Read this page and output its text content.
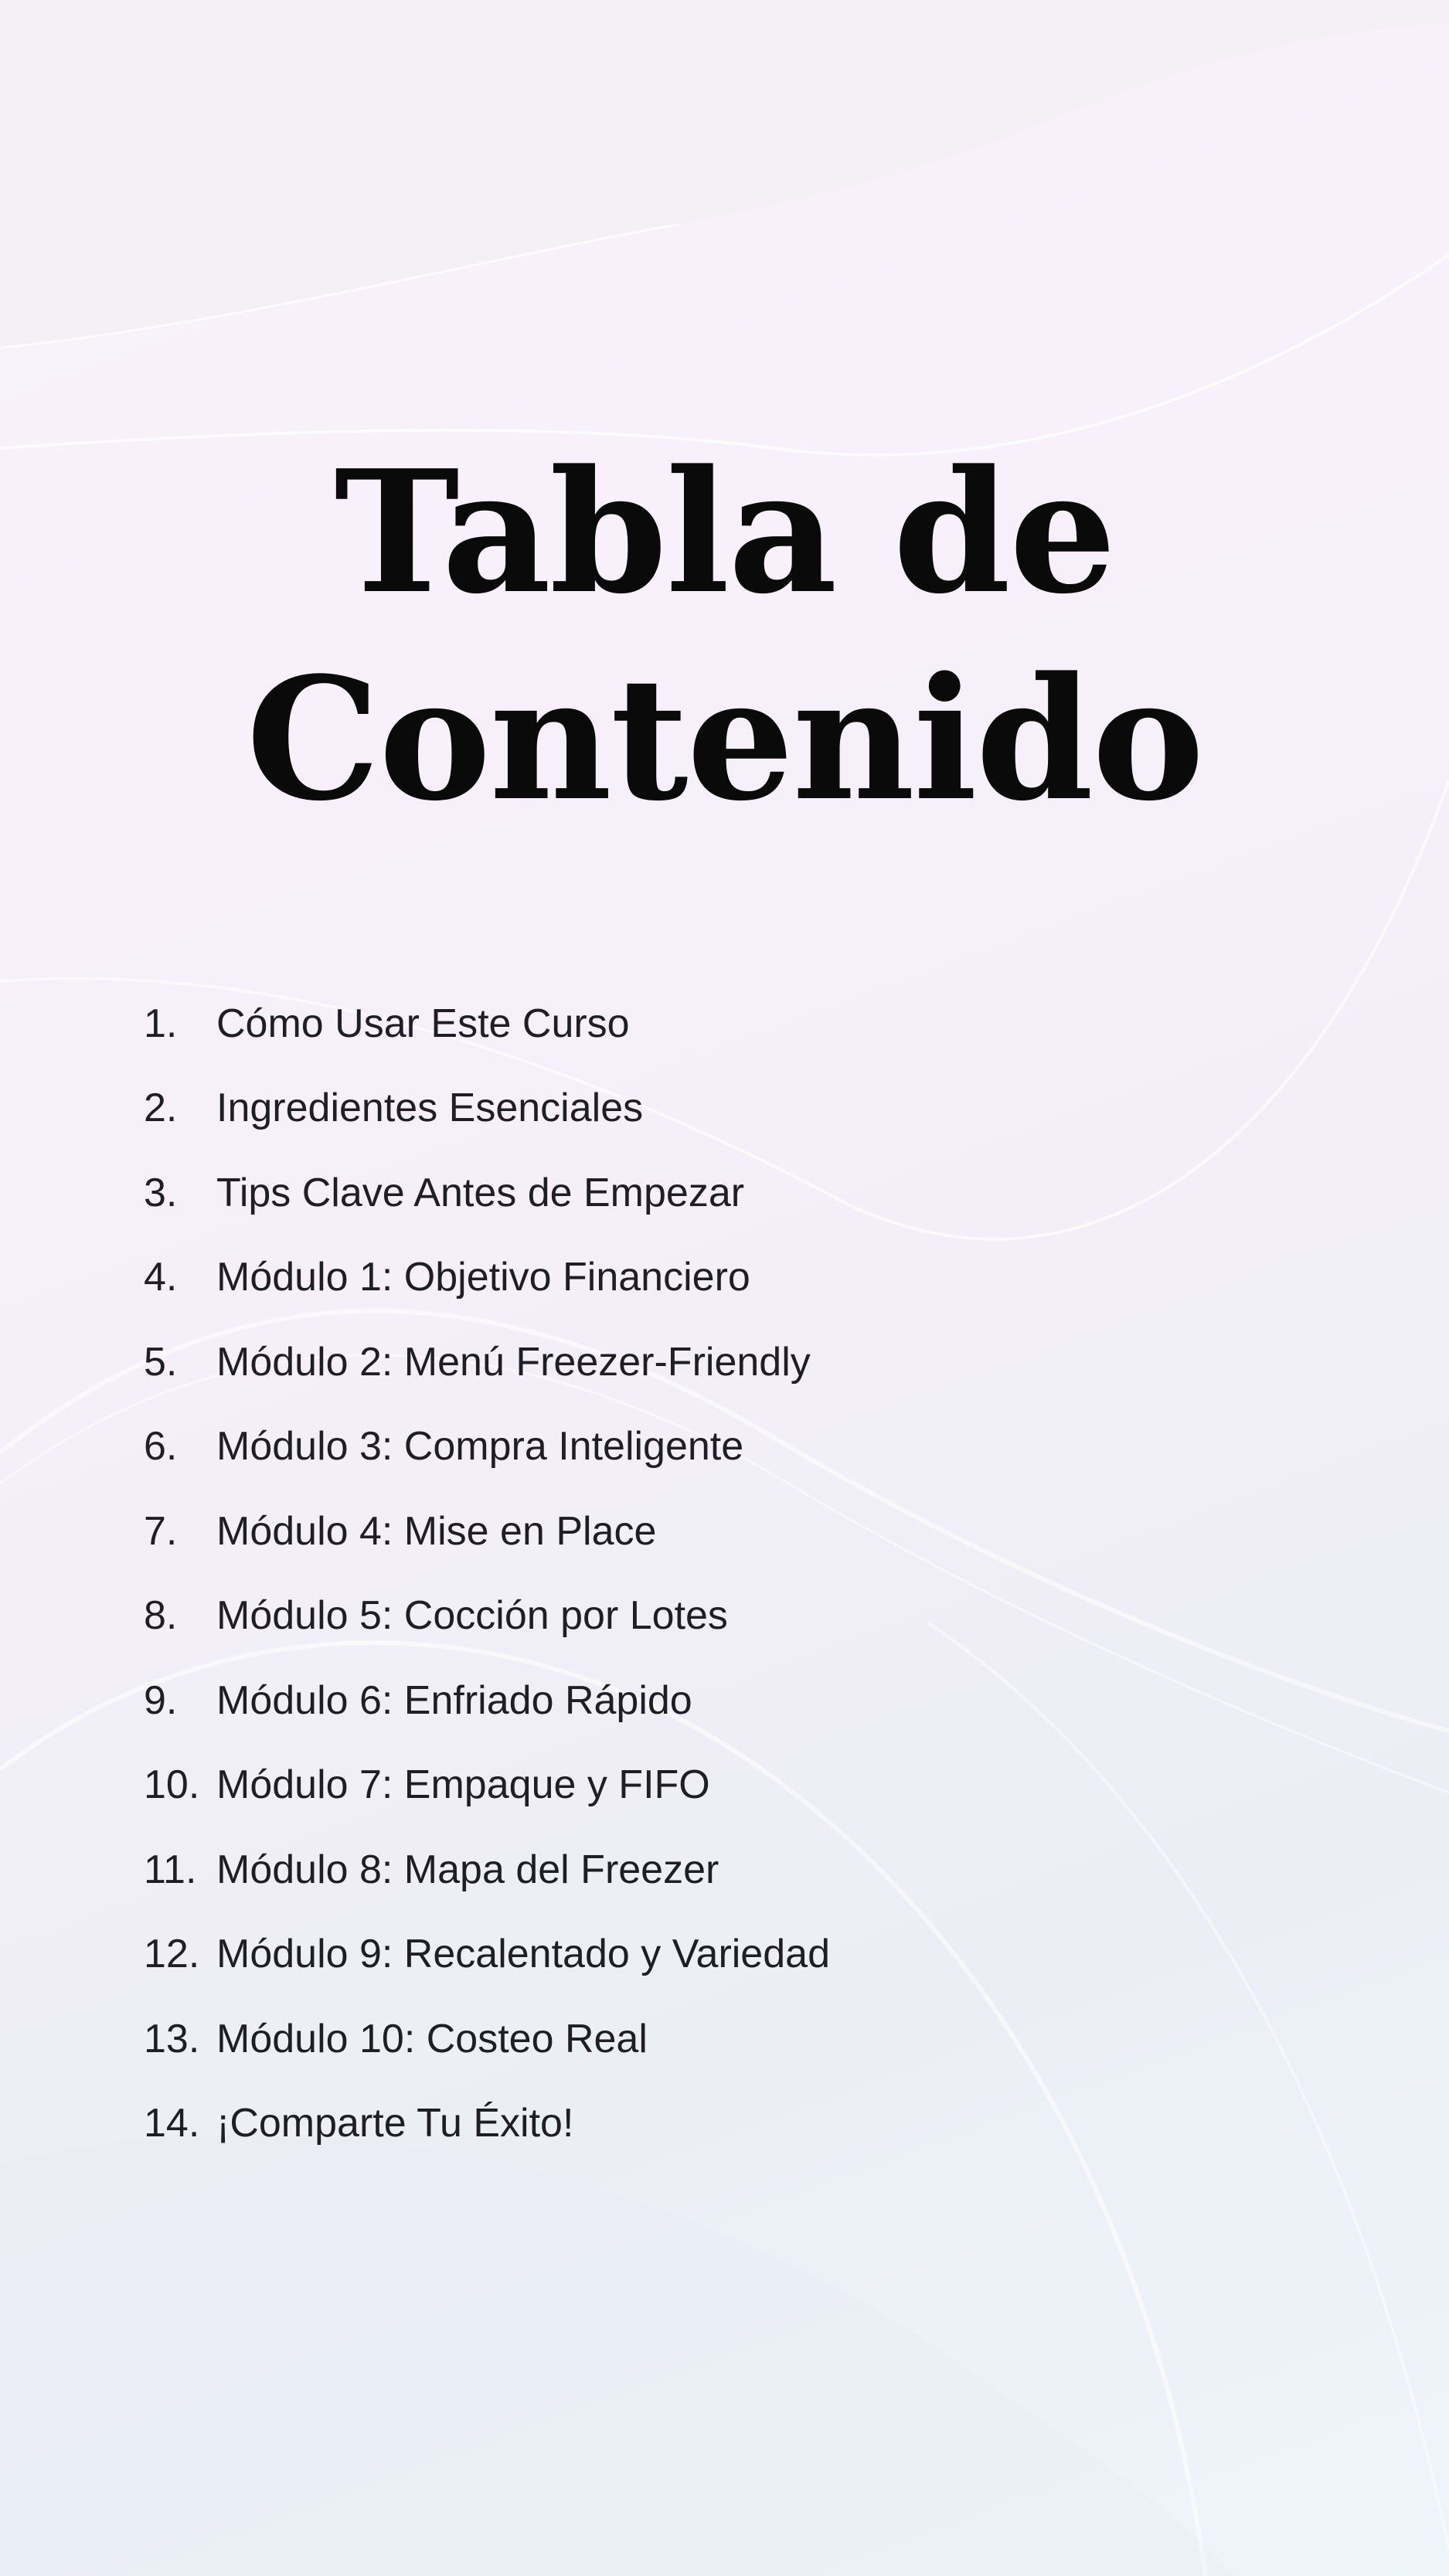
Tabla de
Contenido
1. Cómo Usar Este Curso
2. Ingredientes Esenciales
3. Tips Clave Antes de Empezar
4. Módulo 1: Objetivo Financiero
5. Módulo 2: Menú Freezer-Friendly
6. Módulo 3: Compra Inteligente
7. Módulo 4: Mise en Place
8. Módulo 5: Cocción por Lotes
9. Módulo 6: Enfriado Rápido
10. Módulo 7: Empaque y FIFO
11. Módulo 8: Mapa del Freezer
12. Módulo 9: Recalentado y Variedad
13. Módulo 10: Costeo Real
14. ¡Comparte Tu Éxito!
